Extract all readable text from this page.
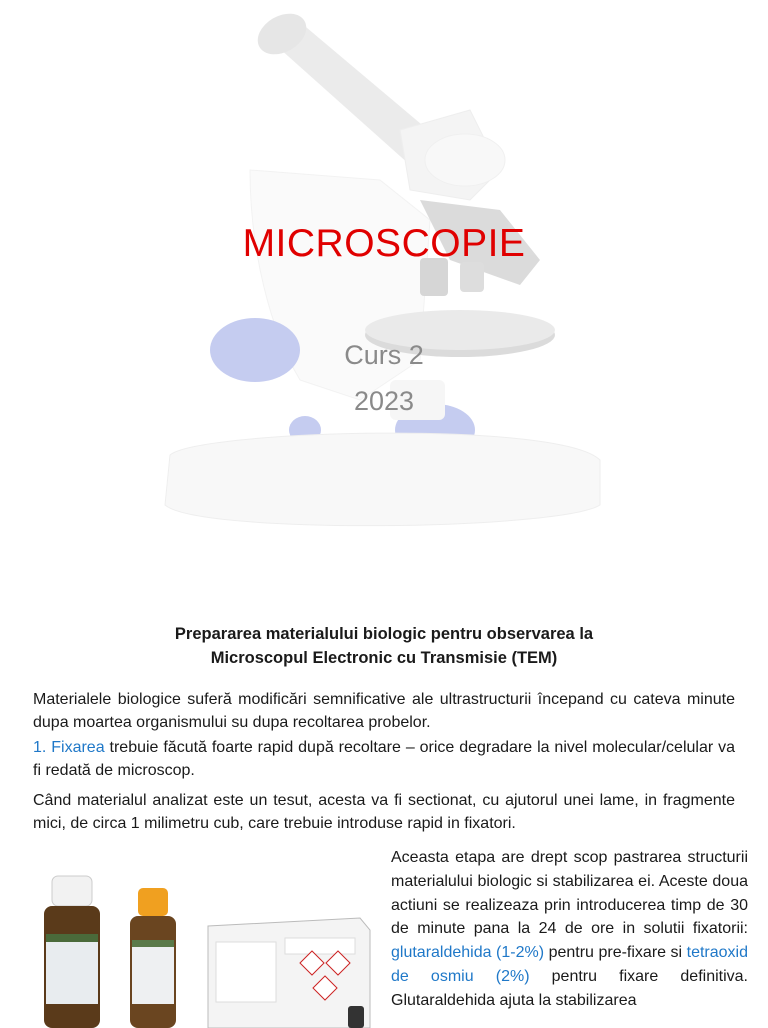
MICROSCOPIE
Curs 2
2023
Prepararea materialului biologic pentru observarea la
Microscopul Electronic cu Transmisie (TEM)
Materialele biologice suferă modificări semnificative ale ultrastructurii începand cu cateva minute dupa moartea organismului su dupa recoltarea probelor.
1. Fixarea trebuie făcută foarte rapid după recoltare – orice degradare la nivel molecular/celular va fi redată de microscop.
Când materialul analizat este un tesut, acesta va fi sectionat, cu ajutorul unei lame, in fragmente mici, de circa 1 milimetru cub, care trebuie introduse rapid in fixatori.
Aceasta etapa are drept scop pastrarea structurii materialului biologic si stabilizarea ei. Aceste doua actiuni se realizeaza prin introducerea timp de 30 de minute pana la 24 de ore in solutii fixatorii: glutaraldehida (1-2%) pentru pre-fixare si tetraoxid de osmiu (2%) pentru fixare definitiva. Glutaraldehida ajuta la stabilizarea
